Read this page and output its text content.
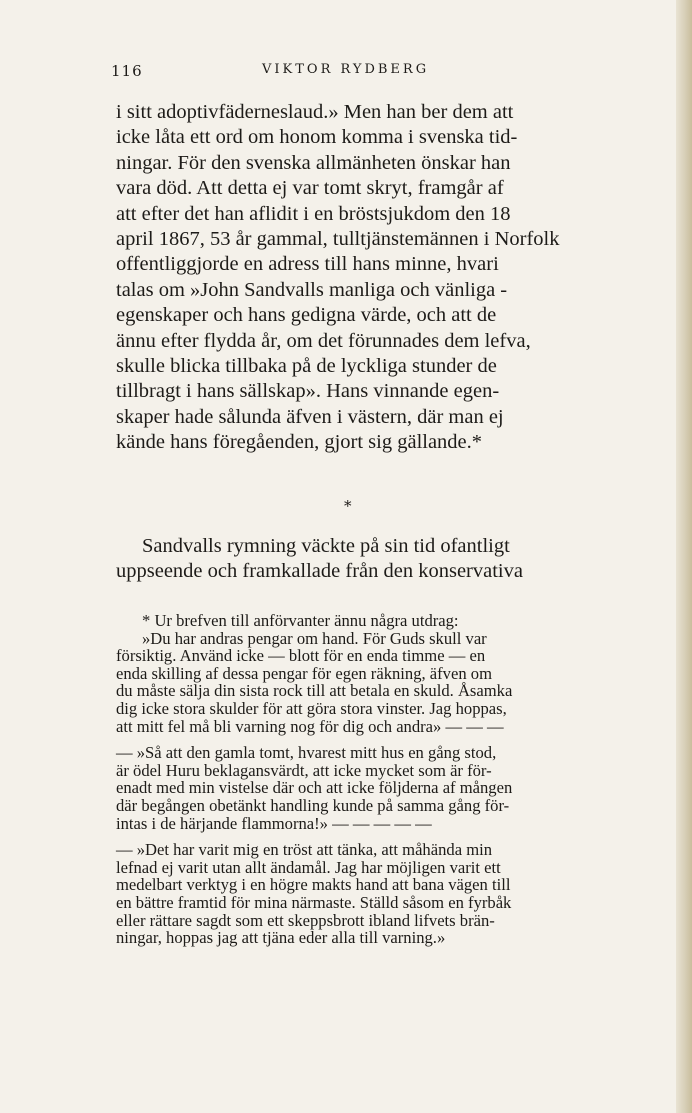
116	VIKTOR RYDBERG
i sitt adoptivfäderneslaud.» Men han ber dem att
icke låta ett ord om honom komma i svenska tid-
ningar. För den svenska allmänheten önskar han
vara död. Att detta ej var tomt skryt, framgår af
att efter det han aflidit i en bröstsjukdom den 18
april 1867, 53 år gammal, tulltjänstemännen i Norfolk
offentliggjorde en adress till hans minne, hvari
talas om »John Sandvalls manliga och vänliga -
egenskaper och hans gedigna värde, och att de
ännu efter flydda år, om det förunnades dem lefva,
skulle blicka tillbaka på de lyckliga stunder de
tillbragt i hans sällskap». Hans vinnande egen-
skaper hade sålunda äfven i västern, där man ej
kände hans föregåenden, gjort sig gällande.*
*
Sandvalls rymning väckte på sin tid ofantligt
uppseende och framkallade från den konservativa
* Ur brefven till anförvanter ännu några utdrag:
»Du har andras pengar om hand. För Guds skull var
försiktig. Använd icke — blott för en enda timme — en
enda skilling af dessa pengar för egen räkning, äfven om
du måste sälja din sista rock till att betala en skuld. Åsamka
dig icke stora skulder för att göra stora vinster. Jag hoppas,
att mitt fel må bli varning nog för dig och andra» — — —
— »Så att den gamla tomt, hvarest mitt hus en gång stod,
är ödel Huru beklagansvärdt, att icke mycket som är för-
enadt med min vistelse där och att icke följderna af mången
där begången obetänkt handling kunde på samma gång för-
intas i de härjande flammorna!» — — — — —
— »Det har varit mig en tröst att tänka, att måhända min
lefnad ej varit utan allt ändamål. Jag har möjligen varit ett
medelbart verktyg i en högre makts hand att bana vägen till
en bättre framtid för mina närmaste. Ställd såsom en fyrbåk
eller rättare sagdt som ett skeppsbrott ibland lifvets brän-
ningar, hoppas jag att tjäna eder alla till varning.»
